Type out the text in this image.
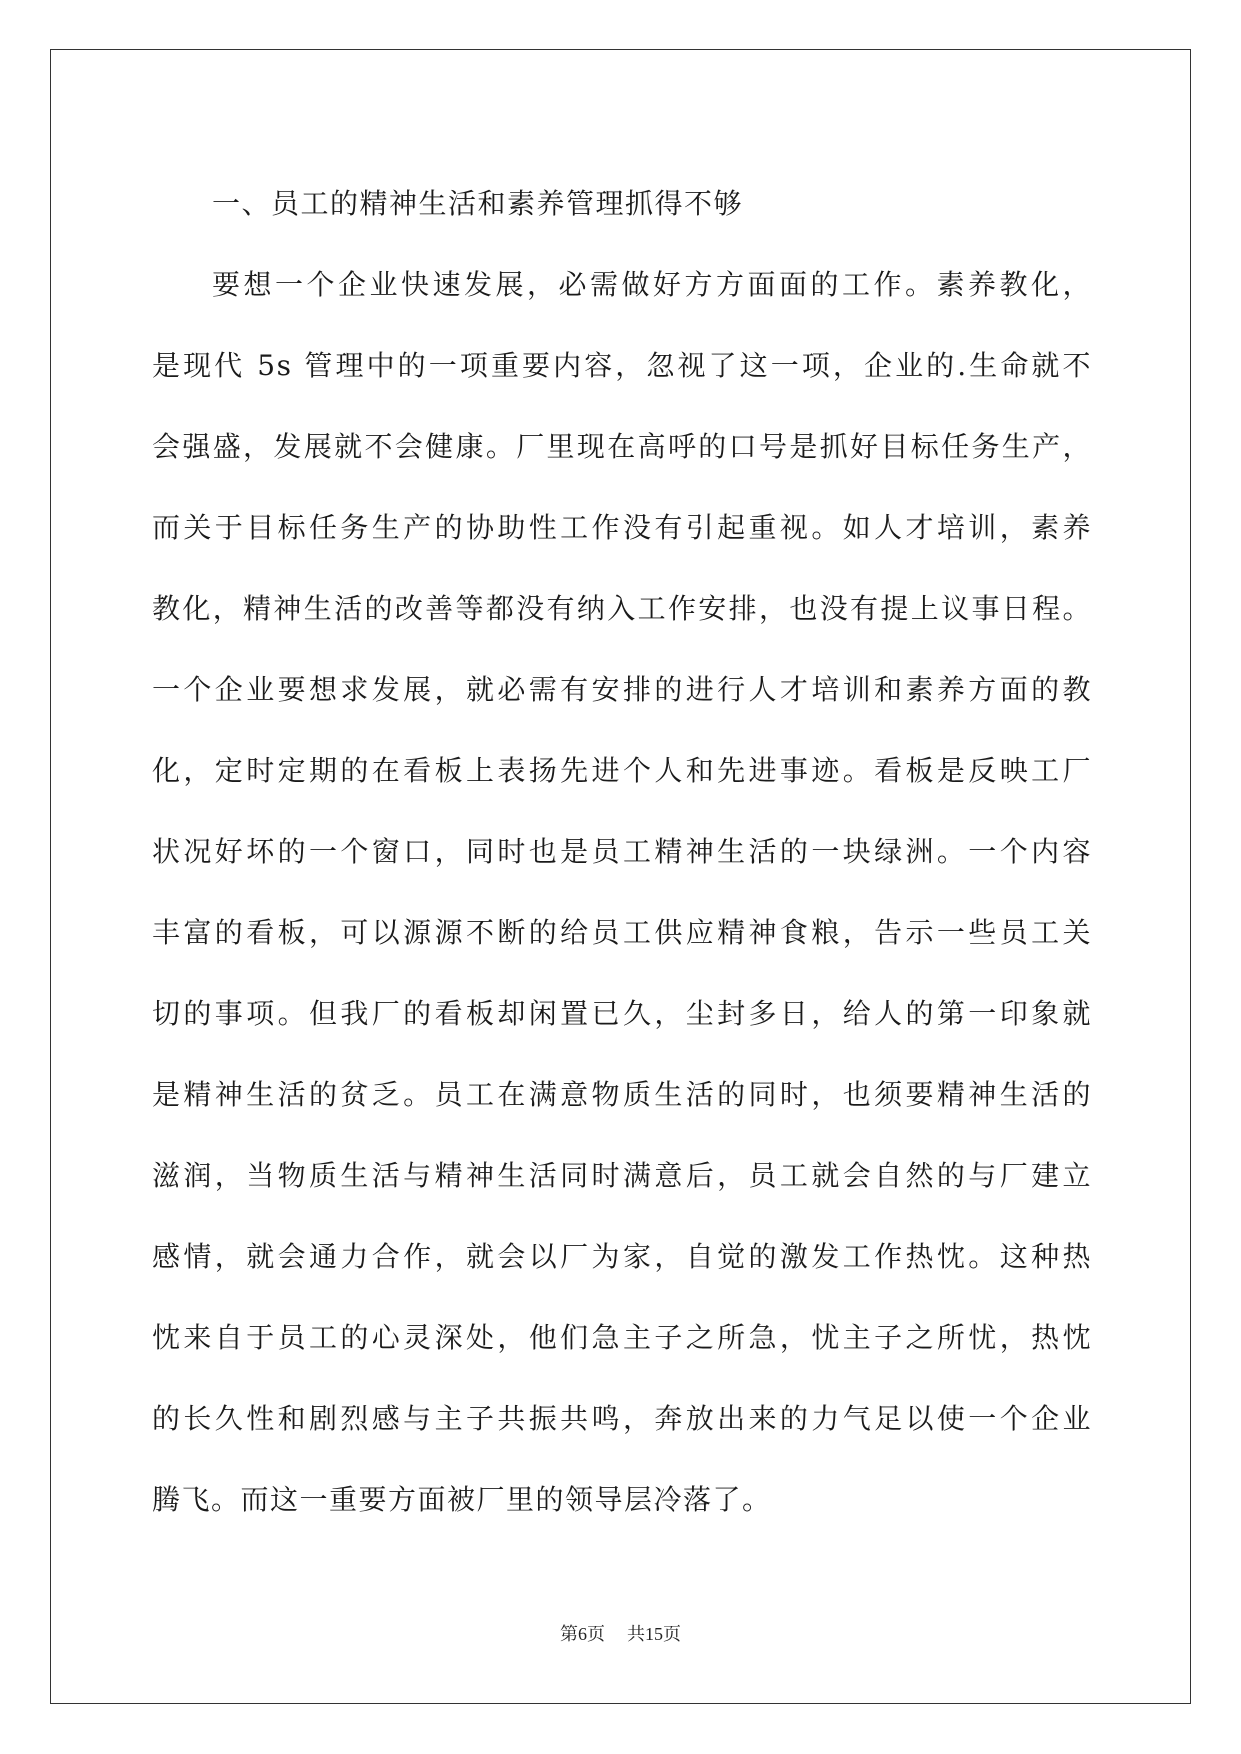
一、员工的精神生活和素养管理抓得不够
要想一个企业快速发展，必需做好方方面面的工作。素养教化，
是现代 5s 管理中的一项重要内容，忽视了这一项，企业的.生命就不
会强盛，发展就不会健康。厂里现在高呼的口号是抓好目标任务生产，
而关于目标任务生产的协助性工作没有引起重视。如人才培训，素养
教化，精神生活的改善等都没有纳入工作安排，也没有提上议事日程。
一个企业要想求发展，就必需有安排的进行人才培训和素养方面的教
化，定时定期的在看板上表扬先进个人和先进事迹。看板是反映工厂
状况好坏的一个窗口，同时也是员工精神生活的一块绿洲。一个内容
丰富的看板，可以源源不断的给员工供应精神食粮，告示一些员工关
切的事项。但我厂的看板却闲置已久，尘封多日，给人的第一印象就
是精神生活的贫乏。员工在满意物质生活的同时，也须要精神生活的
滋润，当物质生活与精神生活同时满意后，员工就会自然的与厂建立
感情，就会通力合作，就会以厂为家，自觉的激发工作热忱。这种热
忱来自于员工的心灵深处，他们急主子之所急，忧主子之所忧，热忱
的长久性和剧烈感与主子共振共鸣，奔放出来的力气足以使一个企业
腾飞。而这一重要方面被厂里的领导层冷落了。
第6页 共15页
